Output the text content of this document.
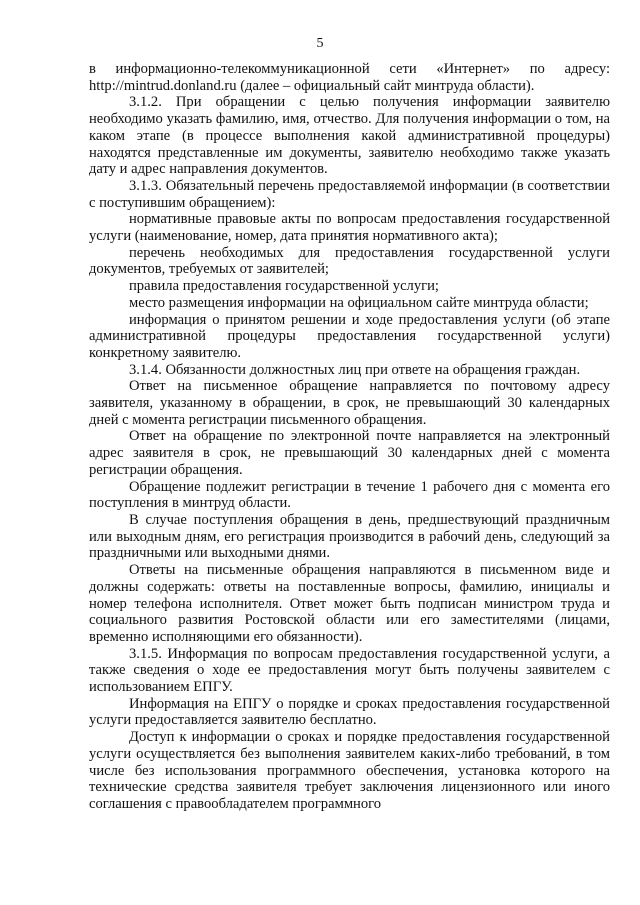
5

в информационно-телекоммуникационной сети «Интернет» по адресу: http://mintrud.donland.ru (далее – официальный сайт минтруда области).

3.1.2. При обращении с целью получения информации заявителю необходимо указать фамилию, имя, отчество. Для получения информации о том, на каком этапе (в процессе выполнения какой административной процедуры) находятся представленные им документы, заявителю необходимо также указать дату и адрес направления документов.

3.1.3. Обязательный перечень предоставляемой информации (в соответствии с поступившим обращением):

нормативные правовые акты по вопросам предоставления государственной услуги (наименование, номер, дата принятия нормативного акта);

перечень необходимых для предоставления государственной услуги документов, требуемых от заявителей;

правила предоставления государственной услуги;

место размещения информации на официальном сайте минтруда области;

информация о принятом решении и ходе предоставления услуги (об этапе административной процедуры предоставления государственной услуги) конкретному заявителю.

3.1.4. Обязанности должностных лиц при ответе на обращения граждан.

Ответ на письменное обращение направляется по почтовому адресу заявителя, указанному в обращении, в срок, не превышающий 30 календарных дней с момента регистрации письменного обращения.

Ответ на обращение по электронной почте направляется на электронный адрес заявителя в срок, не превышающий 30 календарных дней с момента регистрации обращения.

Обращение подлежит регистрации в течение 1 рабочего дня с момента его поступления в минтруд области.

В случае поступления обращения в день, предшествующий праздничным или выходным дням, его регистрация производится в рабочий день, следующий за праздничными или выходными днями.

Ответы на письменные обращения направляются в письменном виде и должны содержать: ответы на поставленные вопросы, фамилию, инициалы и номер телефона исполнителя. Ответ может быть подписан министром труда и социального развития Ростовской области или его заместителями (лицами, временно исполняющими его обязанности).

3.1.5. Информация по вопросам предоставления государственной услуги, а также сведения о ходе ее предоставления могут быть получены заявителем с использованием ЕПГУ.

Информация на ЕПГУ о порядке и сроках предоставления государственной услуги предоставляется заявителю бесплатно.

Доступ к информации о сроках и порядке предоставления государственной услуги осуществляется без выполнения заявителем каких-либо требований, в том числе без использования программного обеспечения, установка которого на технические средства заявителя требует заключения лицензионного или иного соглашения с правообладателем программного
